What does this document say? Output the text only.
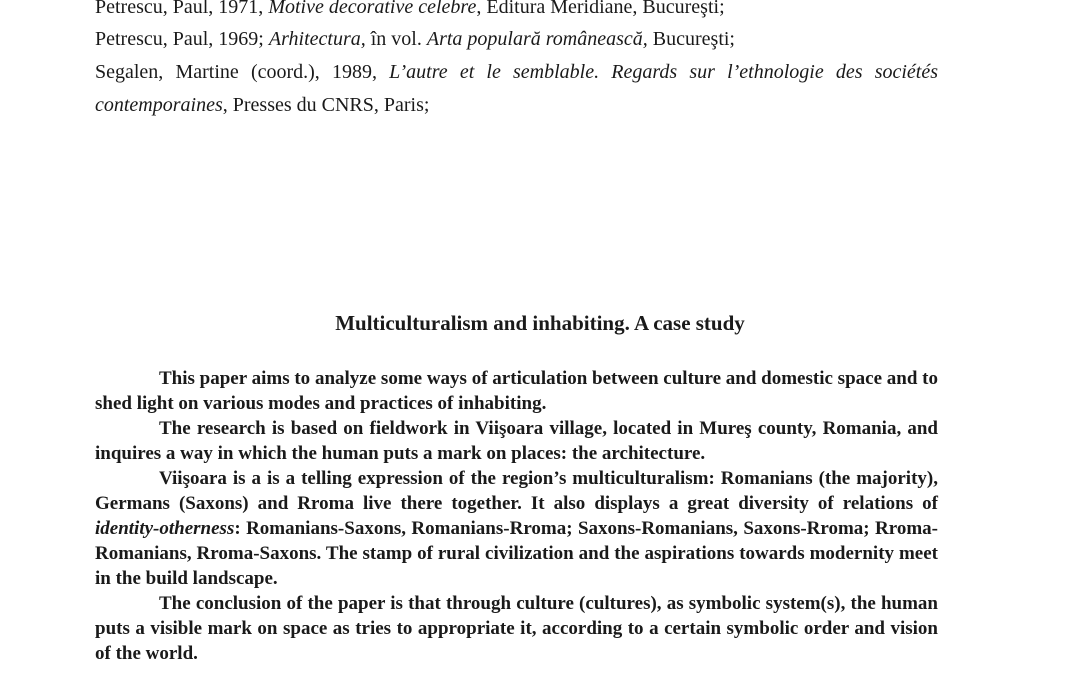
Petrescu, Paul, 1971, Motive decorative celebre, Editura Meridiane, Bucureşti;

Petrescu, Paul, 1969; Arhitectura, în vol. Arta populară românească, Bucureşti;

Segalen, Martine (coord.), 1989, L’autre et le semblable. Regards sur l’ethnologie des sociétés contemporaines, Presses du CNRS, Paris;

Multiculturalism and inhabiting. A case study

This paper aims to analyze some ways of articulation between culture and domestic space and to shed light on various modes and practices of inhabiting.

The research is based on fieldwork in Viişoara village, located in Mureş county, Romania, and inquires a way in which the human puts a mark on places: the architecture.

Viişoara is a is a telling expression of the region’s multiculturalism: Romanians (the majority), Germans (Saxons) and Rroma live there together. It also displays a great diversity of relations of identity-otherness: Romanians-Saxons, Romanians-Rroma; Saxons-Romanians, Saxons-Rroma; Rroma-Romanians, Rroma-Saxons. The stamp of rural civilization and the aspirations towards modernity meet in the build landscape.

The conclusion of the paper is that through culture (cultures), as symbolic system(s), the human puts a visible mark on space as tries to appropriate it, according to a certain symbolic order and vision of the world.
